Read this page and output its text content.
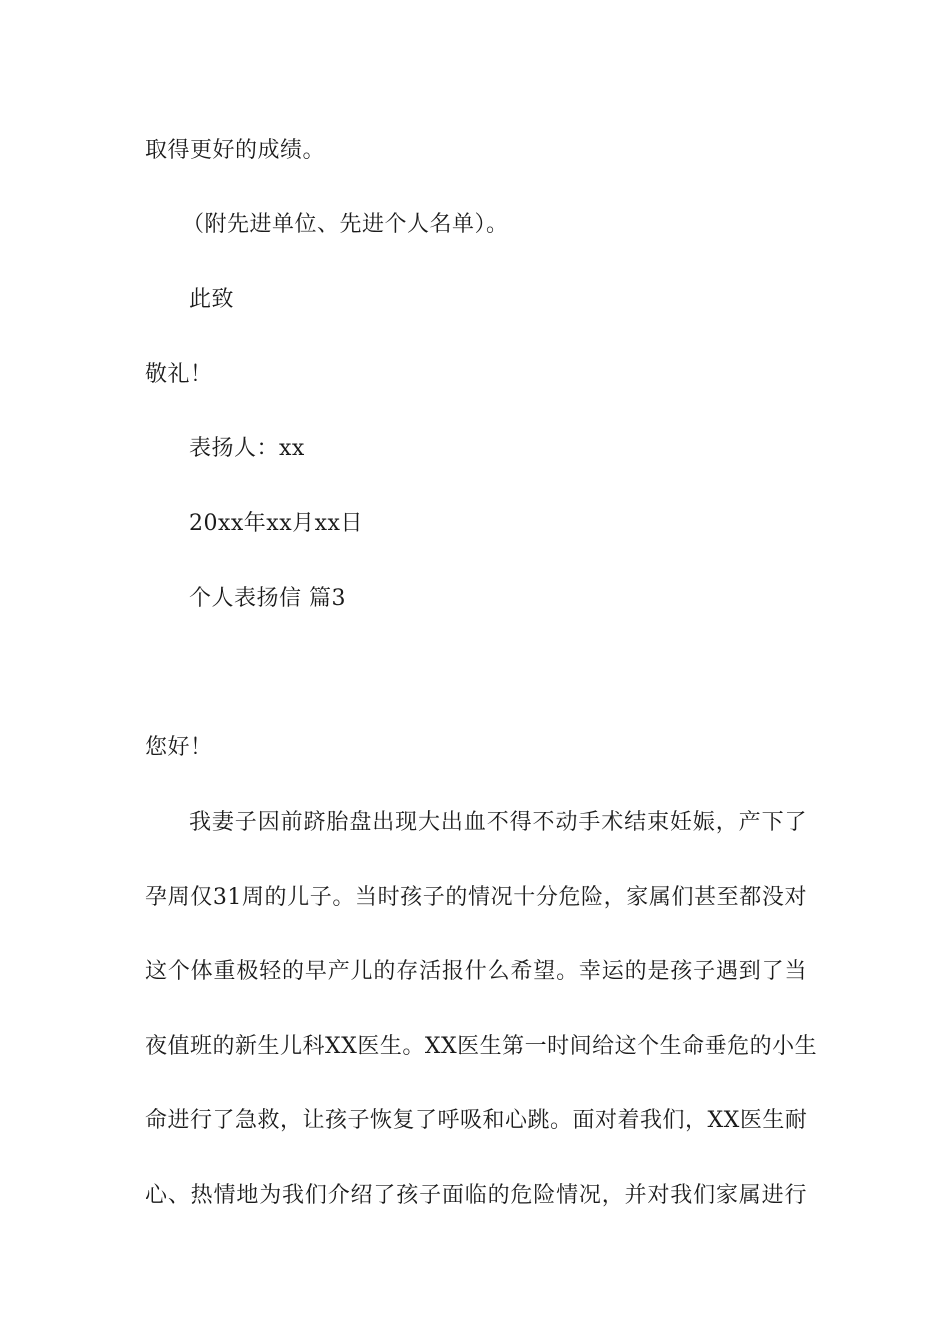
取得更好的成绩。
（附先进单位、先进个人名单）。
此致
敬礼！
表扬人：xx
20xx年xx月xx日
个人表扬信 篇3
您好！
我妻子因前跻胎盘出现大出血不得不动手术结束妊娠，产下了
孕周仅31周的儿子。当时孩子的情况十分危险，家属们甚至都没对
这个体重极轻的早产儿的存活报什么希望。幸运的是孩子遇到了当
夜值班的新生儿科XX医生。XX医生第一时间给这个生命垂危的小生
命进行了急救，让孩子恢复了呼吸和心跳。面对着我们，XX医生耐
心、热情地为我们介绍了孩子面临的危险情况，并对我们家属进行
